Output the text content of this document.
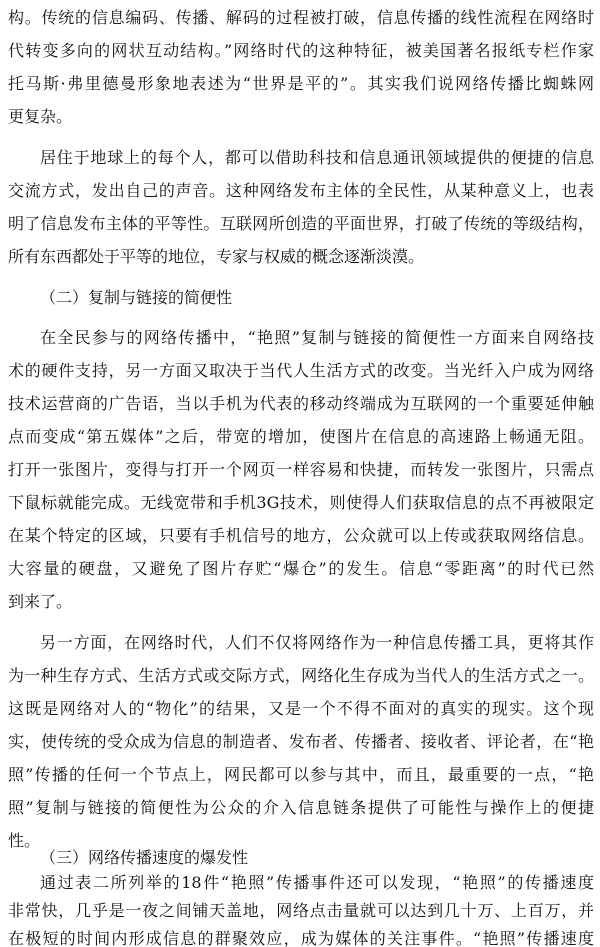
构。传统的信息编码、传播、解码的过程被打破，信息传播的线性流程在网络时
代转变多向的网状互动结构。”网络时代的这种特征，被美国著名报纸专栏作家
托马斯·弗里德曼形象地表述为“世界是平的”。其实我们说网络传播比蜘蛛网
更复杂。
居住于地球上的每个人，都可以借助科技和信息通讯领域提供的便捷的信息
交流方式，发出自己的声音。这种网络发布主体的全民性，从某种意义上，也表
明了信息发布主体的平等性。互联网所创造的平面世界，打破了传统的等级结构，
所有东西都处于平等的地位，专家与权威的概念逐渐淡漠。
（二）复制与链接的简便性
在全民参与的网络传播中，“艳照”复制与链接的简便性一方面来自网络技
术的硬件支持，另一方面又取决于当代人生活方式的改变。当光纤入户成为网络
技术运营商的广告语，当以手机为代表的移动终端成为互联网的一个重要延伸触
点而变成“第五媒体”之后，带宽的增加，使图片在信息的高速路上畅通无阻。
打开一张图片，变得与打开一个网页一样容易和快捷，而转发一张图片，只需点
下鼠标就能完成。无线宽带和手机3G技术，则使得人们获取信息的点不再被限定
在某个特定的区域，只要有手机信号的地方，公众就可以上传或获取网络信息。
大容量的硬盘，又避免了图片存贮“爆仓”的发生。信息“零距离”的时代已然
到来了。
另一方面，在网络时代，人们不仅将网络作为一种信息传播工具，更将其作
为一种生存方式、生活方式或交际方式，网络化生存成为当代人的生活方式之一。
这既是网络对人的“物化”的结果，又是一个不得不面对的真实的现实。这个现
实，使传统的受众成为信息的制造者、发布者、传播者、接收者、评论者，在“艳
照”传播的任何一个节点上，网民都可以参与其中，而且，最重要的一点，“艳
照”复制与链接的简便性为公众的介入信息链条提供了可能性与操作上的便捷
性。
（三）网络传播速度的爆发性
通过表二所列举的18件“艳照”传播事件还可以发现，“艳照”的传播速度
非常快，几乎是一夜之间铺天盖地，网络点击量就可以达到几十万、上百万，并
在极短的时间内形成信息的群聚效应，成为媒体的关注事件。“艳照”传播速度
